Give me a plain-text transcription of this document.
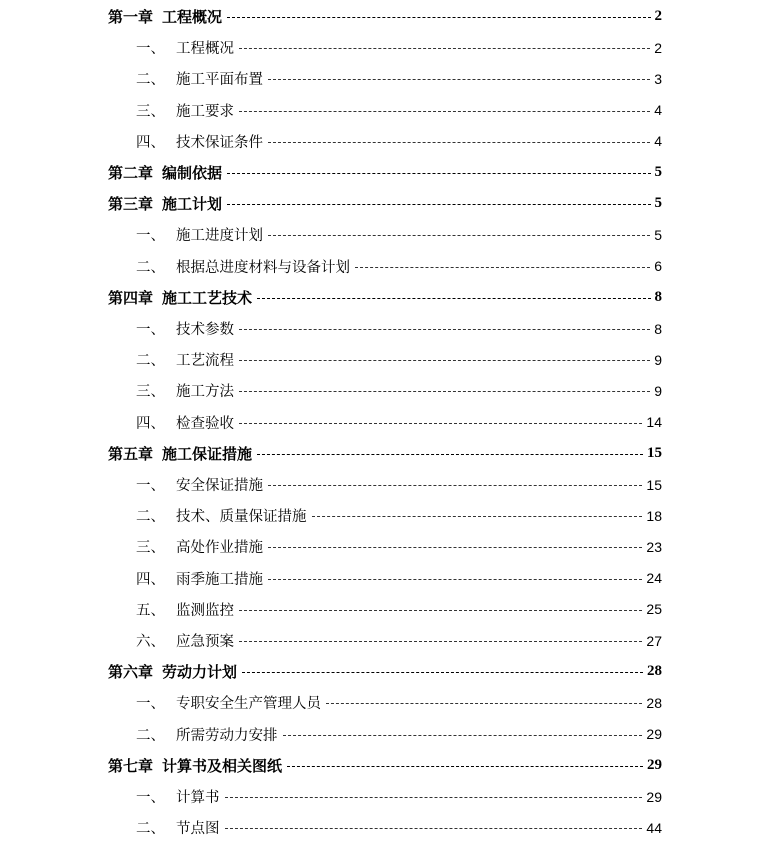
第一章 工程概况	2
一、 工程概况	2
二、 施工平面布置	3
三、 施工要求	4
四、 技术保证条件	4
第二章 编制依据	5
第三章 施工计划	5
一、 施工进度计划	5
二、 根据总进度材料与设备计划	6
第四章 施工工艺技术	8
一、 技术参数	8
二、 工艺流程	9
三、 施工方法	9
四、 检查验收	14
第五章 施工保证措施	15
一、 安全保证措施	15
二、 技术、质量保证措施	18
三、 高处作业措施	23
四、 雨季施工措施	24
五、 监测监控	25
六、 应急预案	27
第六章 劳动力计划	28
一、 专职安全生产管理人员	28
二、 所需劳动力安排	29
第七章 计算书及相关图纸	29
一、 计算书	29
二、 节点图	44
